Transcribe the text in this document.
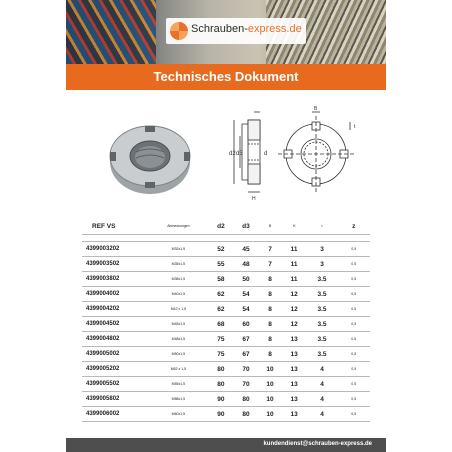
Schrauben-express.de
Technisches Dokument
d2 d3	d
H
B
t
REF VS	Abmessungen	d2	d3	B	H	t	z

4399003202	M32x1,5	52	45	7	11	3	0,5
4399003502	M35x1,5	55	48	7	11	3	0,5
4399003802	M38x1,5	58	50	8	11	3.5	0,5
4399004002	M40x1,5	62	54	8	12	3.5	0,5
4399004202	M42 x 1,5	62	54	8	12	3.5	0,5
4399004502	M45x1,5	68	60	8	12	3.5	0,5
4399004802	M48x1,5	75	67	8	13	3.5	0,5
4399005002	M50x1,5	75	67	8	13	3.5	0,5
4399005202	M52 x 1,5	80	70	10	13	4	0,5
4399005502	M55x1,5	80	70	10	13	4	0,5
4399005802	M58x1,5	90	80	10	13	4	0,5
4399006002	M60x1,5	90	80	10	13	4	0,5
kundendienst@schrauben-express.de
